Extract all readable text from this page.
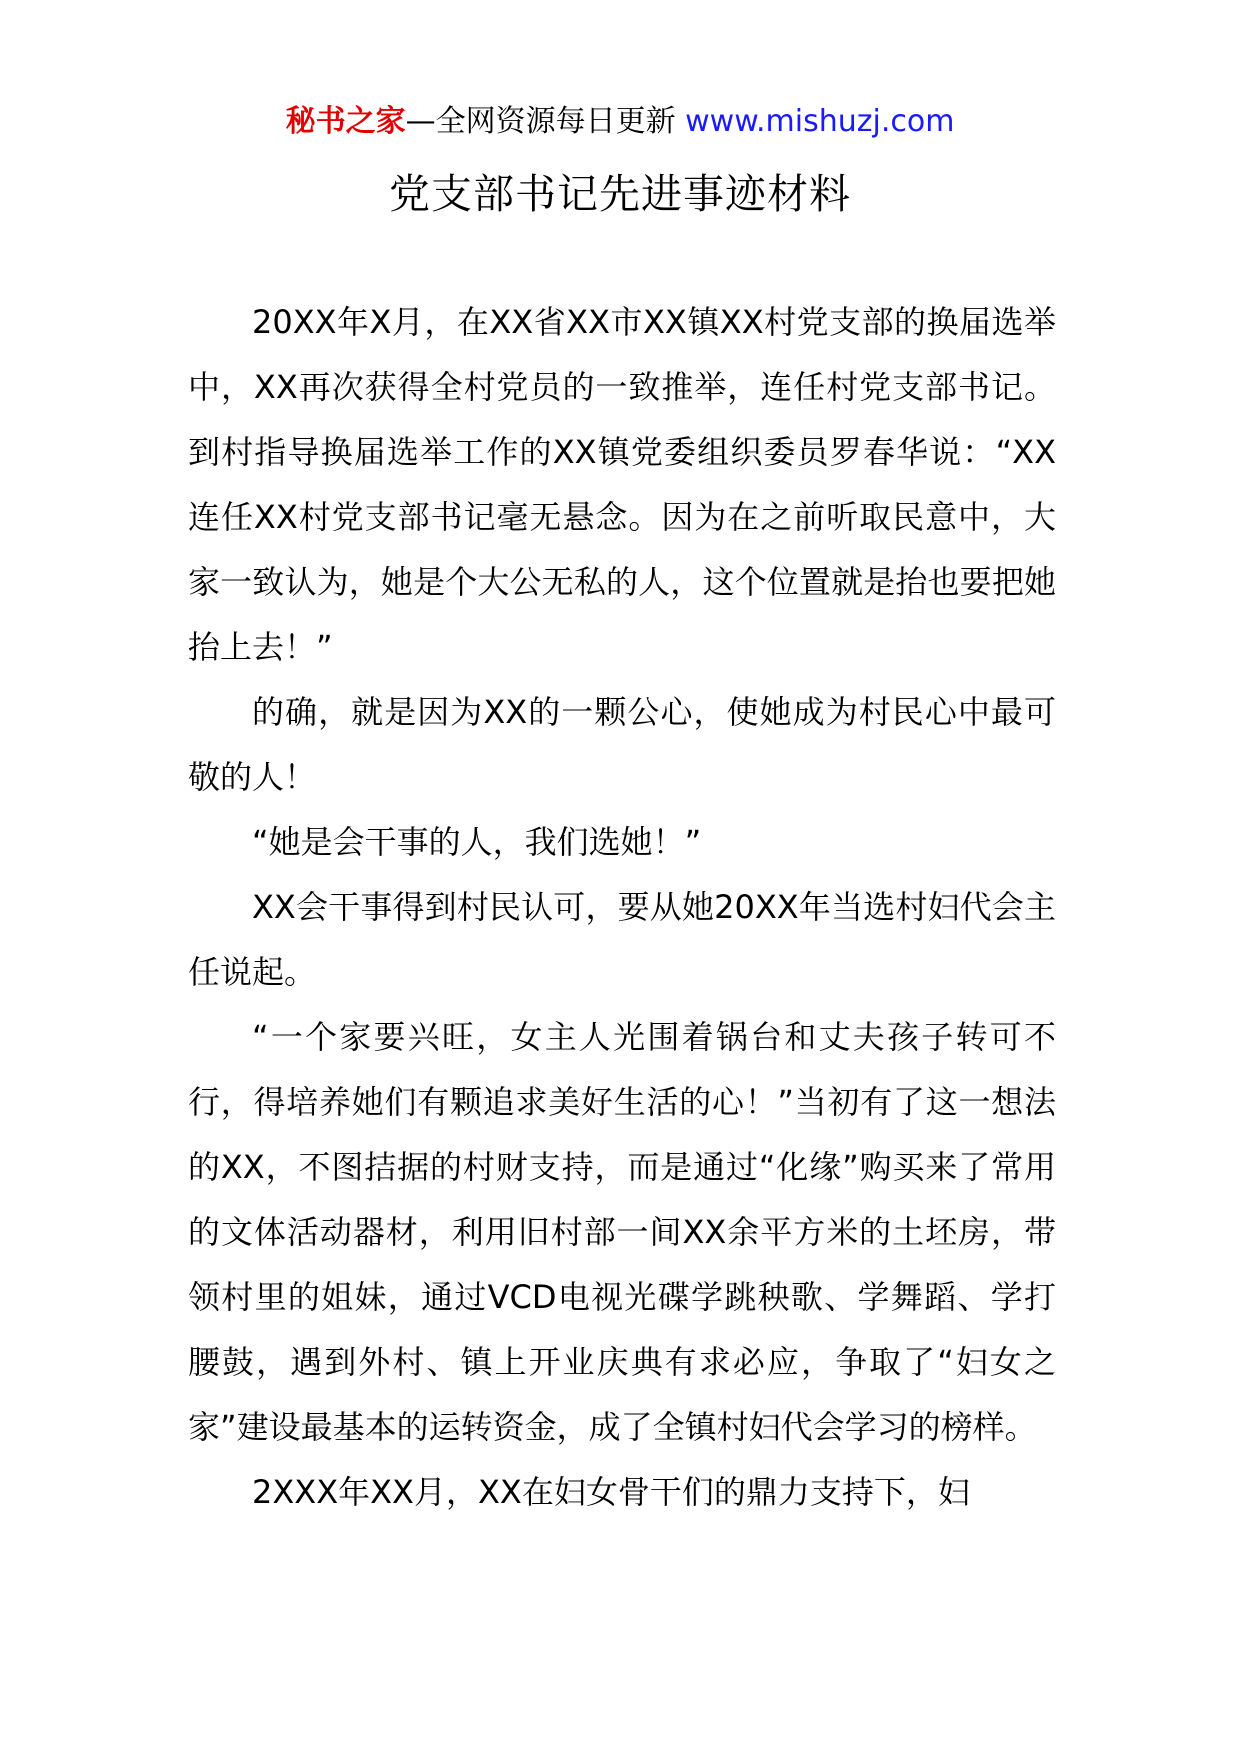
秘书之家—全网资源每日更新 www.mishuzj.com
党支部书记先进事迹材料

20XX年X月，在XX省XX市XX镇XX村党支部的换届选举中，XX再次获得全村党员的一致推举，连任村党支部书记。到村指导换届选举工作的XX镇党委组织委员罗春华说：“XX连任XX村党支部书记毫无悬念。因为在之前听取民意中，大家一致认为，她是个大公无私的人，这个位置就是抬也要把她抬上去！”

的确，就是因为XX的一颗公心，使她成为村民心中最可敬的人！

“她是会干事的人，我们选她！”

XX会干事得到村民认可，要从她20XX年当选村妇代会主任说起。

“一个家要兴旺，女主人光围着锅台和丈夫孩子转可不行，得培养她们有颗追求美好生活的心！”当初有了这一想法的XX，不图拮据的村财支持，而是通过“化缘”购买来了常用的文体活动器材，利用旧村部一间XX余平方米的土坯房，带领村里的姐妹，通过VCD电视光碟学跳秧歌、学舞蹈、学打腰鼓，遇到外村、镇上开业庆典有求必应，争取了“妇女之家”建设最基本的运转资金，成了全镇村妇代会学习的榜样。

2XXX年XX月，XX在妇女骨干们的鼎力支持下，妇
